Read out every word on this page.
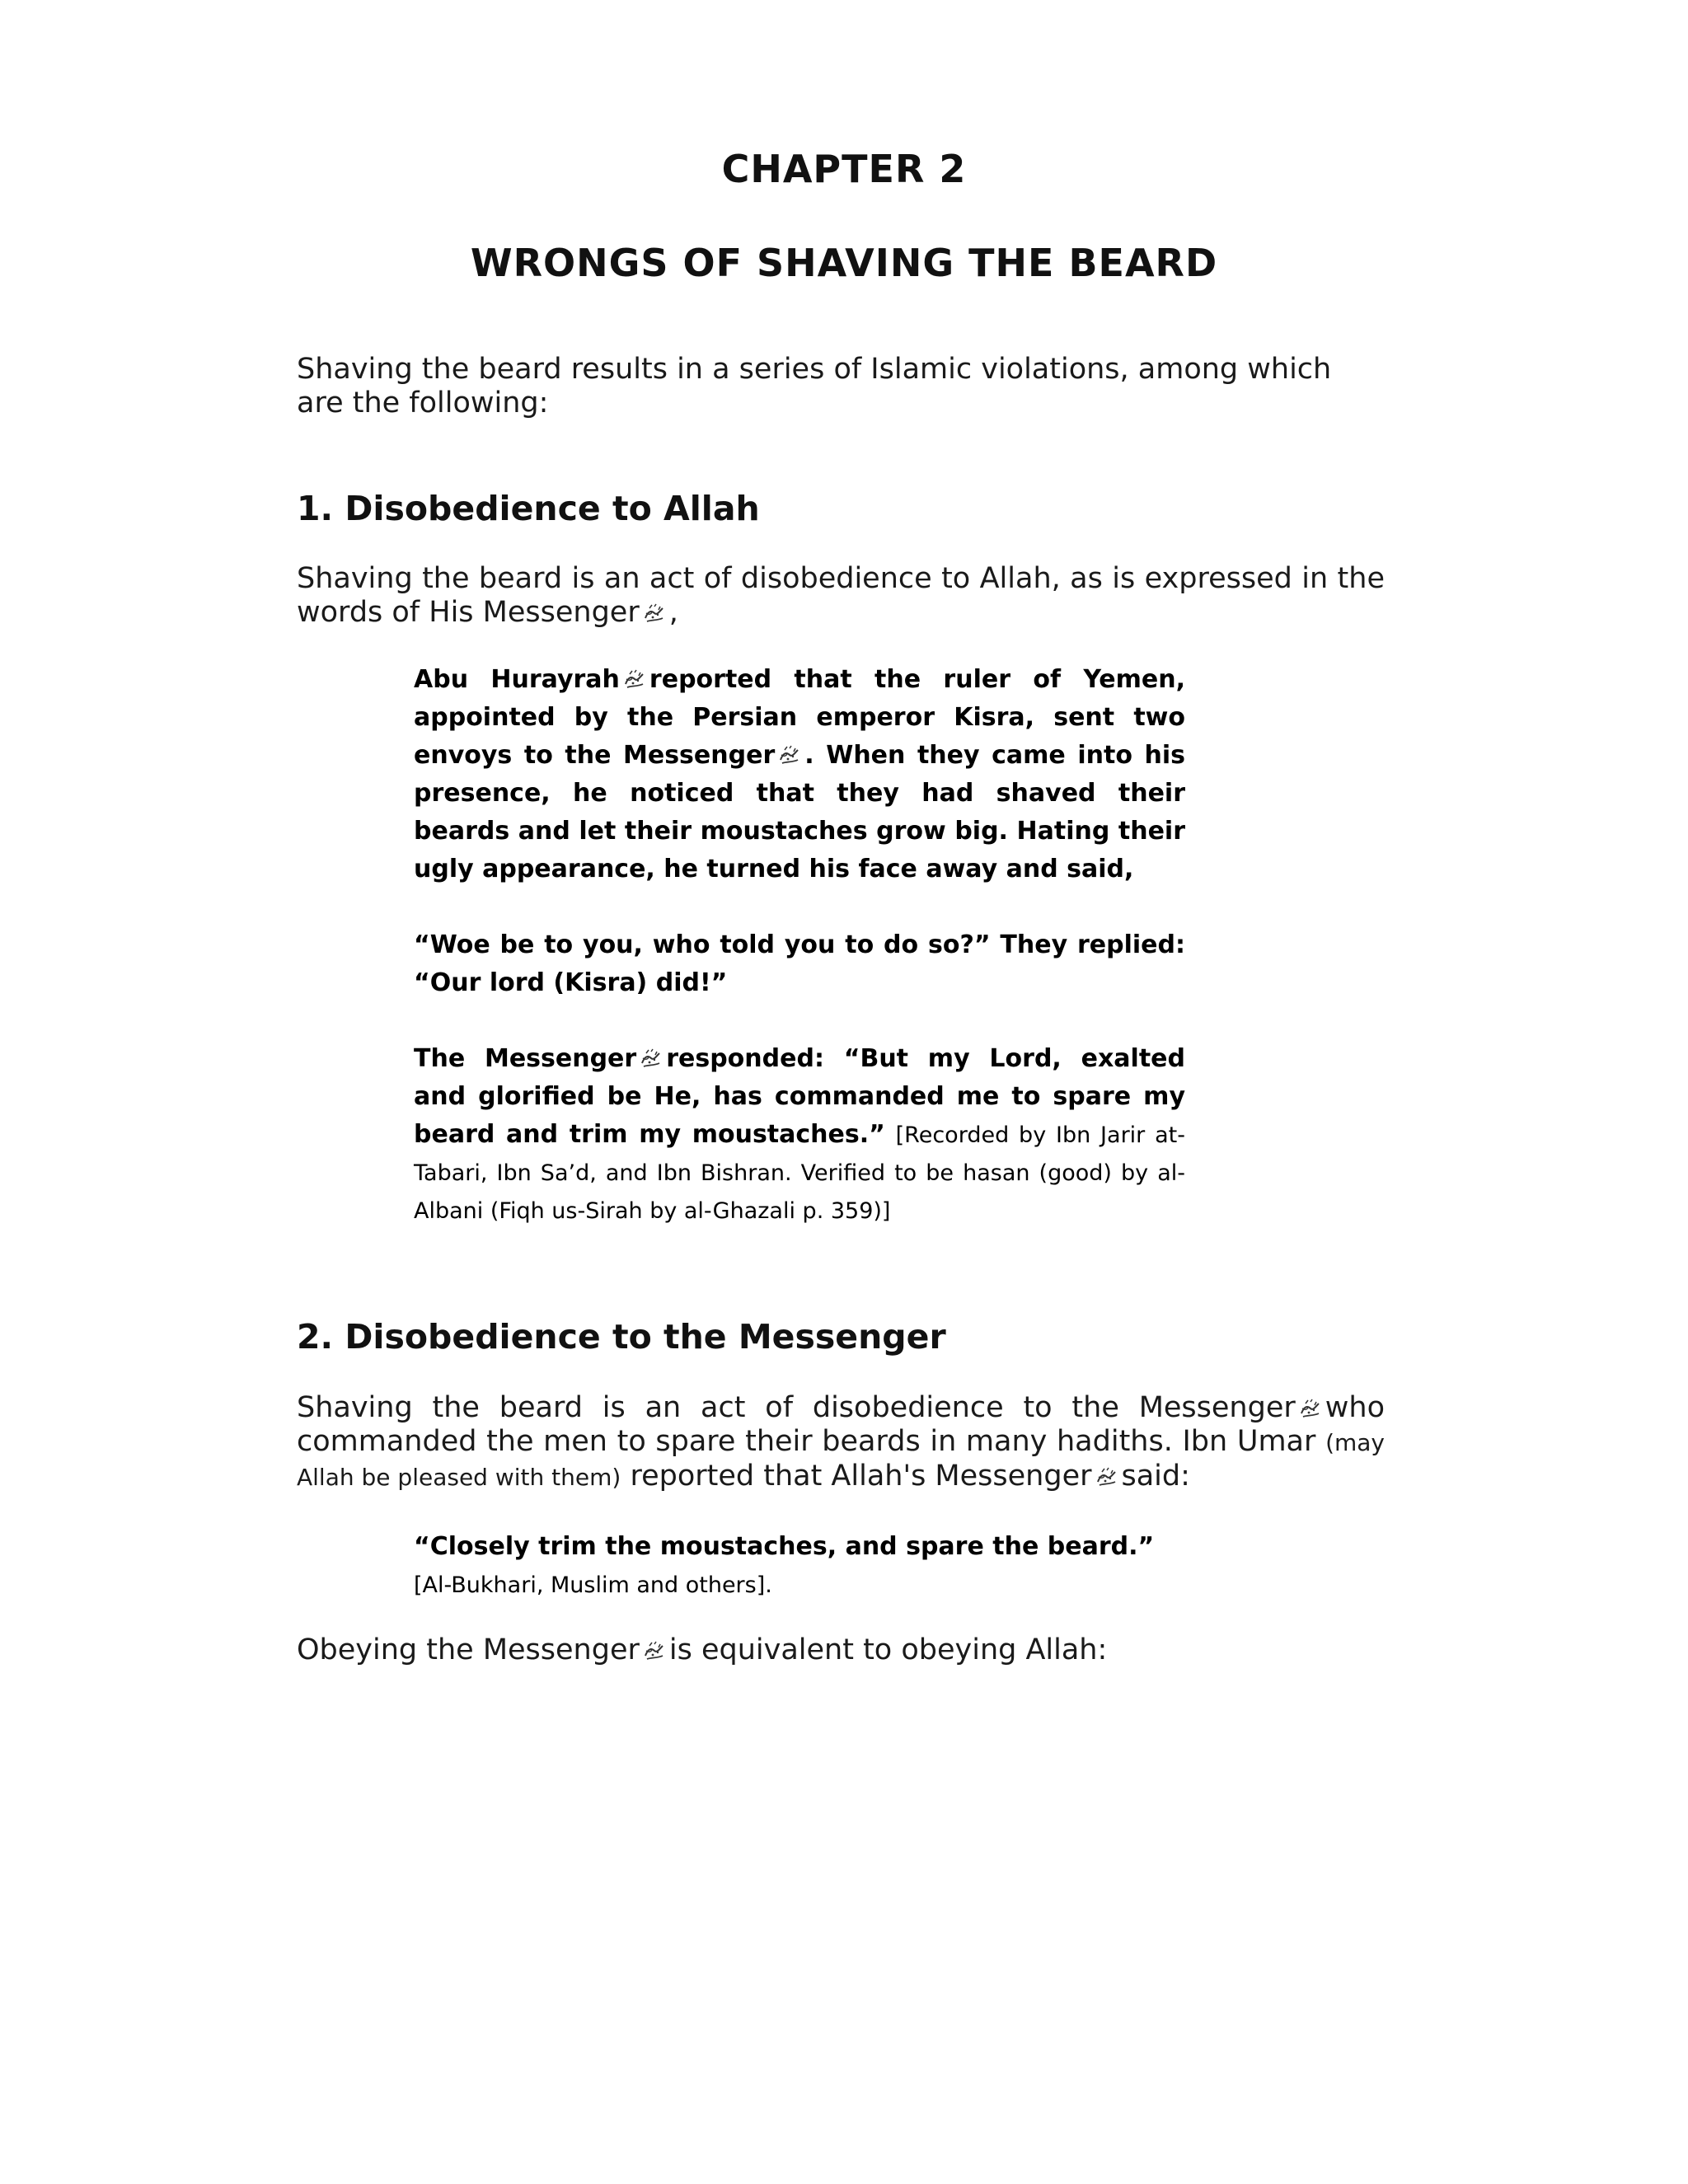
CHAPTER 2
WRONGS OF SHAVING THE BEARD

Shaving the beard results in a series of Islamic violations, among which are the following:

1. Disobedience to Allah

Shaving the beard is an act of disobedience to Allah, as is expressed in the words of His Messenger ,

Abu Hurayrah reported that the ruler of Yemen, appointed by the Persian emperor Kisra, sent two envoys to the Messenger . When they came into his presence, he noticed that they had shaved their beards and let their moustaches grow big. Hating their ugly appearance, he turned his face away and said,
“Woe be to you, who told you to do so?” They replied: “Our lord (Kisra) did!”
The Messenger responded: “But my Lord, exalted and glorified be He, has commanded me to spare my beard and trim my moustaches.” [Recorded by Ibn Jarir at-Tabari, Ibn Sa’d, and Ibn Bishran. Verified to be hasan (good) by al-Albani (Fiqh us-Sirah by al-Ghazali p. 359)]
2. Disobedience to the Messenger

Shaving the beard is an act of disobedience to the Messenger who commanded the men to spare their beards in many hadiths. Ibn Umar (may Allah be pleased with them) reported that Allah's Messenger said:

“Closely trim the moustaches, and spare the beard.”
[Al-Bukhari, Muslim and others].

Obeying the Messenger is equivalent to obeying Allah:
